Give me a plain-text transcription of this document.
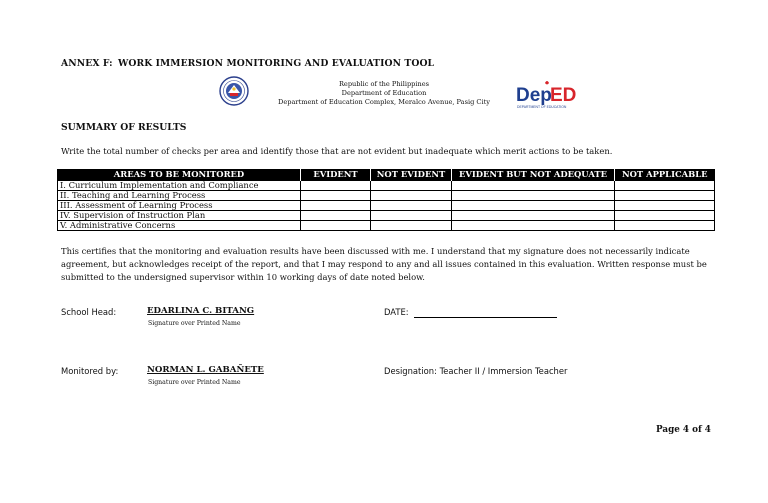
ANNEX F: WORK IMMERSION MONITORING AND EVALUATION TOOL
Republic of the Philippines
Department of Education
Department of Education Complex, Meralco Avenue, Pasig City	Dep
ED
DEPARTMENT OF EDUCATION
SUMMARY OF RESULTS
Write the total number of checks per area and identify those that are not evident but inadequate which merit actions to be taken.
AREAS TO BE MONITORED	EVIDENT	NOT EVIDENT	EVIDENT BUT NOT ADEQUATE	NOT APPLICABLE
I. Curriculum Implementation and Compliance				
II. Teaching and Learning Process				
III. Assessment of Learning Process				
IV. Supervision of Instruction Plan				
V. Administrative Concerns				
This certifies that the monitoring and evaluation results have been discussed with me. I understand that my signature does not necessarily indicate agreement, but acknowledges receipt of the report, and that I may respond to any and all issues contained in this evaluation. Written response must be submitted to the undersigned supervisor within 10 working days of date noted below.
School Head:	EDARLINA C. BITANG
Signature over Printed Name
DATE:
Monitored by:	NORMAN L. GABAÑETE
Signature over Printed Name
Designation: Teacher II / Immersion Teacher
Page 4 of 4
